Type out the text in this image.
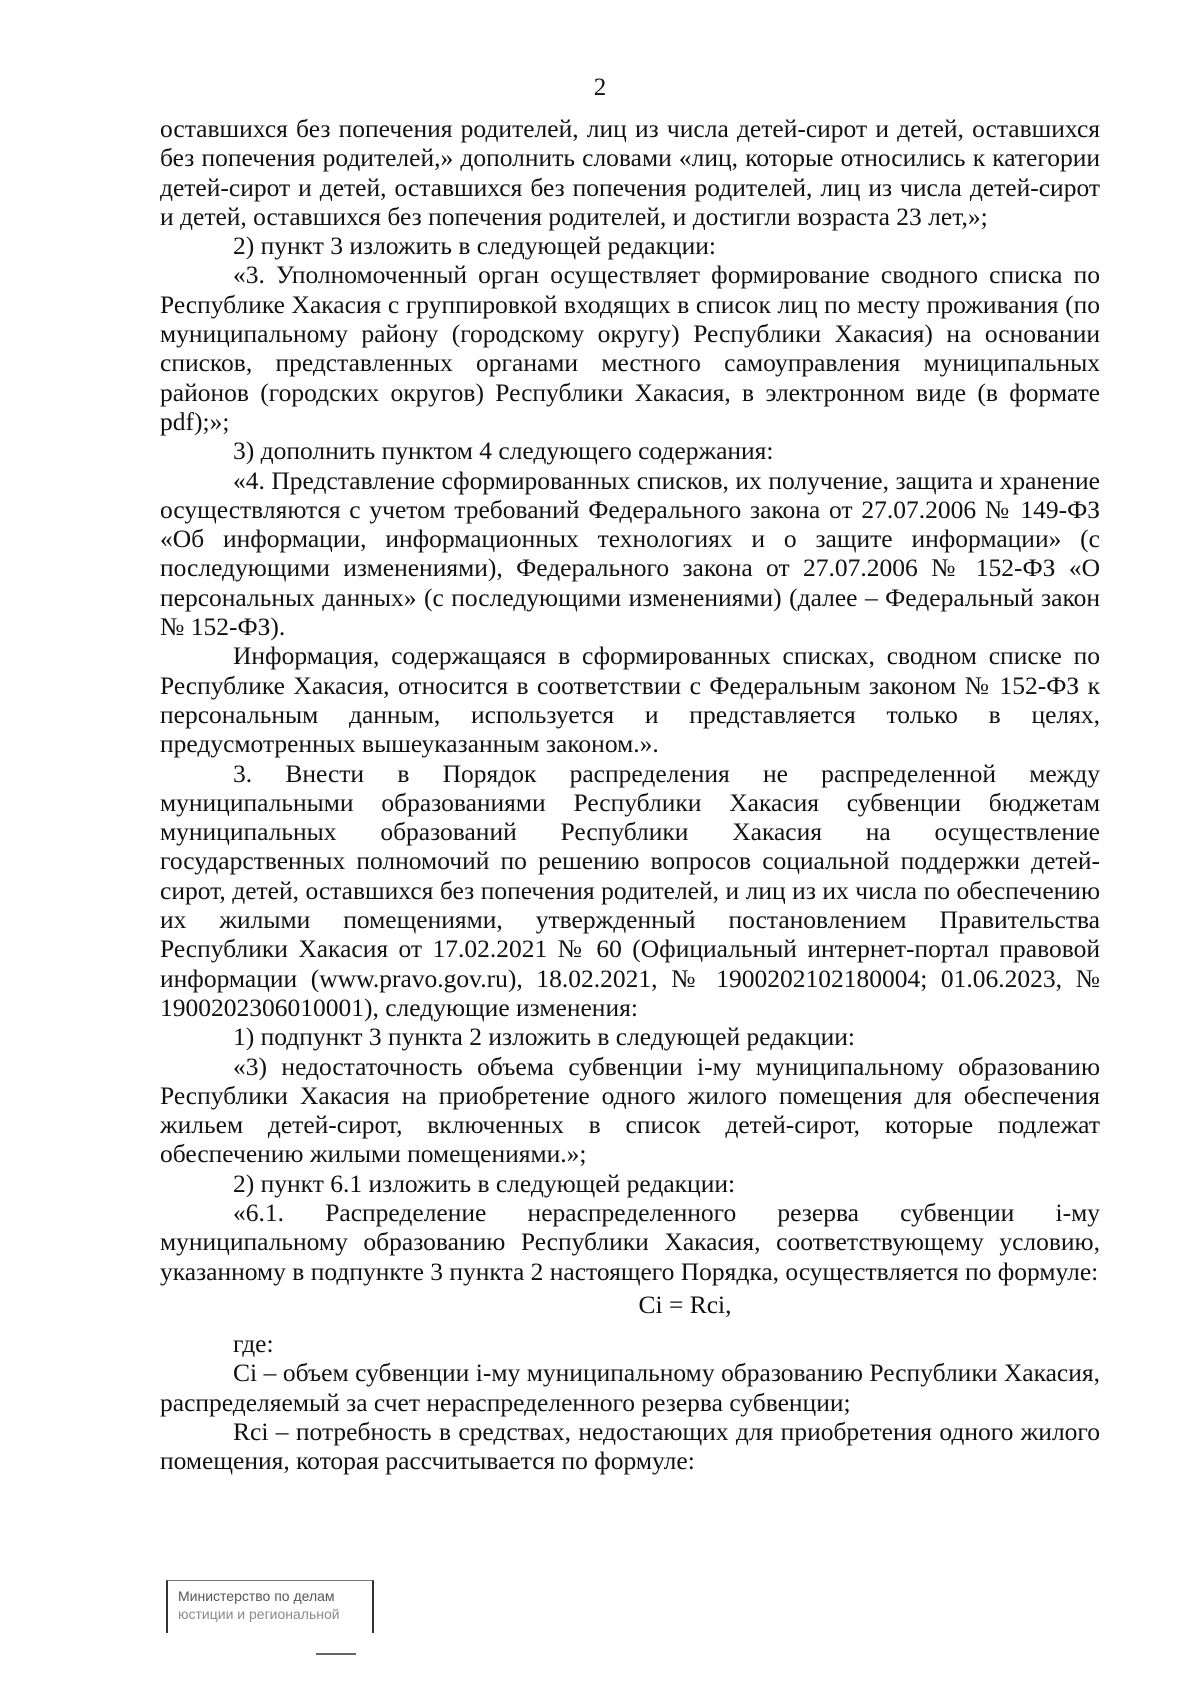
2

оставшихся без попечения родителей, лиц из числа детей-сирот и детей, оставшихся без попечения родителей,» дополнить словами «лиц, которые относились к категории детей-сирот и детей, оставшихся без попечения родителей, лиц из числа детей-сирот и детей, оставшихся без попечения родителей, и достигли возраста 23 лет,»;

2) пункт 3 изложить в следующей редакции:

«3. Уполномоченный орган осуществляет формирование сводного списка по Республике Хакасия с группировкой входящих в список лиц по месту проживания (по муниципальному району (городскому округу) Республики Хакасия) на основании списков, представленных органами местного самоуправления муниципальных районов (городских округов) Республики Хакасия, в электронном виде (в формате pdf);»;

3) дополнить пунктом 4 следующего содержания:

«4. Представление сформированных списков, их получение, защита и хранение осуществляются с учетом требований Федерального закона от 27.07.2006 № 149-ФЗ «Об информации, информационных технологиях и о защите информации» (с последующими изменениями), Федерального закона от 27.07.2006 № 152-ФЗ «О персональных данных» (с последующими изменениями) (далее – Федеральный закон № 152-ФЗ).

Информация, содержащаяся в сформированных списках, сводном списке по Республике Хакасия, относится в соответствии с Федеральным законом № 152-ФЗ к персональным данным, используется и представляется только в целях, предусмотренных вышеуказанным законом.».

3. Внести в Порядок распределения не распределенной между муниципальными образованиями Республики Хакасия субвенции бюджетам муниципальных образований Республики Хакасия на осуществление государственных полномочий по решению вопросов социальной поддержки детей-сирот, детей, оставшихся без попечения родителей, и лиц из их числа по обеспечению их жилыми помещениями, утвержденный постановлением Правительства Республики Хакасия от 17.02.2021 № 60 (Официальный интернет-портал правовой информации (www.pravo.gov.ru), 18.02.2021, № 1900202102180004; 01.06.2023, № 1900202306010001), следующие изменения:

1) подпункт 3 пункта 2 изложить в следующей редакции:

«3) недостаточность объема субвенции i-му муниципальному образованию Республики Хакасия на приобретение одного жилого помещения для обеспечения жильем детей-сирот, включенных в список детей-сирот, которые подлежат обеспечению жилыми помещениями.»;

2) пункт 6.1 изложить в следующей редакции:

«6.1. Распределение нераспределенного резерва субвенции i-му муниципальному образованию Республики Хакасия, соответствующему условию, указанному в подпункте 3 пункта 2 настоящего Порядка, осуществляется по формуле:

Ci = Rci,

где:

Ci – объем субвенции i-му муниципальному образованию Республики Хакасия, распределяемый за счет нераспределенного резерва субвенции;

Rci – потребность в средствах, недостающих для приобретения одного жилого помещения, которая рассчитывается по формуле:

Министерство по делам
юстиции и региональной
